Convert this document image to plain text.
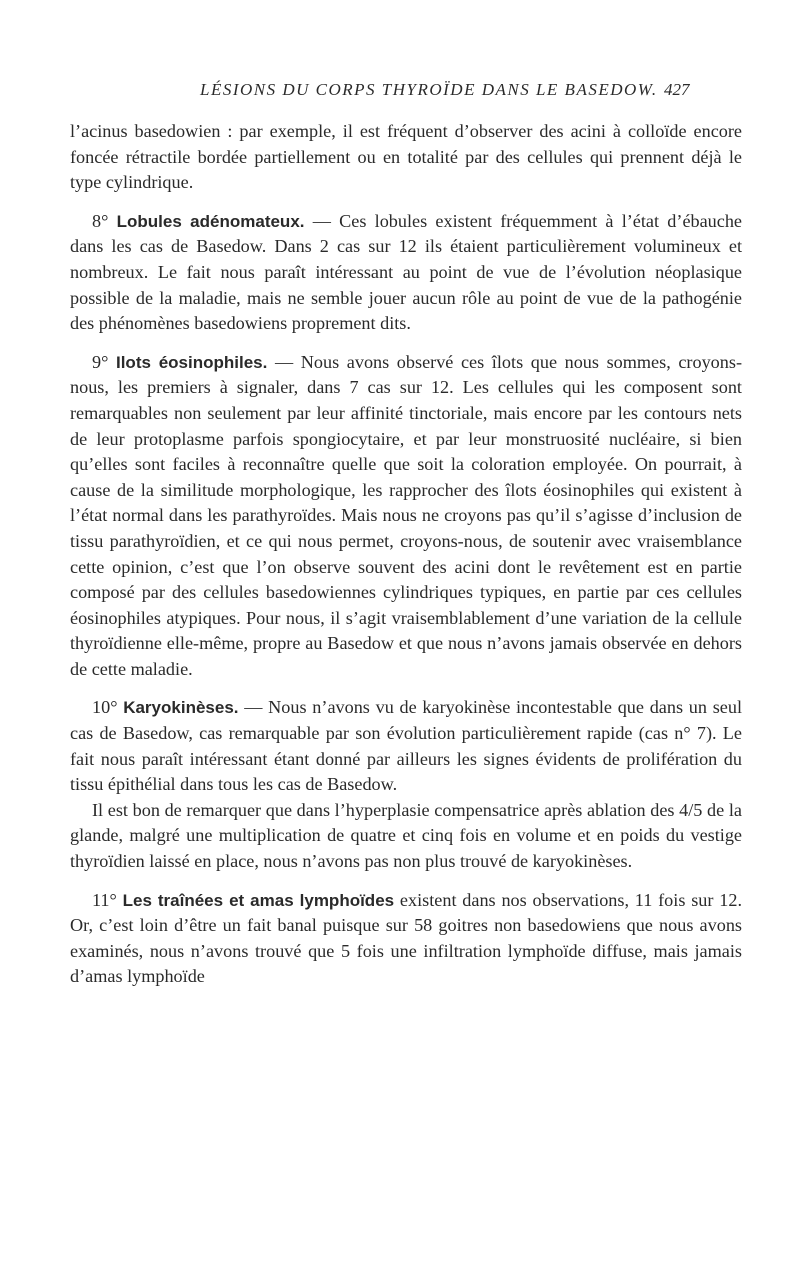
LÉSIONS DU CORPS THYROÏDE DANS LE BASEDOW. 427

l’acinus basedowien : par exemple, il est fréquent d’observer des acini à colloïde encore foncée rétractile bordée partiellement ou en totalité par des cellules qui prennent déjà le type cylindrique.

8° Lobules adénomateux. — Ces lobules existent fréquemment à l’état d’ébauche dans les cas de Basedow. Dans 2 cas sur 12 ils étaient particulièrement volumineux et nombreux. Le fait nous paraît intéressant au point de vue de l’évolution néoplasique possible de la maladie, mais ne semble jouer aucun rôle au point de vue de la pathogénie des phénomènes basedowiens proprement dits.

9° Ilots éosinophiles. — Nous avons observé ces îlots que nous sommes, croyons-nous, les premiers à signaler, dans 7 cas sur 12. Les cellules qui les composent sont remarquables non seulement par leur affinité tinctoriale, mais encore par les contours nets de leur protoplasme parfois spongiocytaire, et par leur monstruosité nucléaire, si bien qu’elles sont faciles à reconnaître quelle que soit la coloration employée. On pourrait, à cause de la similitude morphologique, les rapprocher des îlots éosinophiles qui existent à l’état normal dans les parathyroïdes. Mais nous ne croyons pas qu’il s’agisse d’inclusion de tissu parathyroïdien, et ce qui nous permet, croyons-nous, de soutenir avec vraisemblance cette opinion, c’est que l’on observe souvent des acini dont le revêtement est en partie composé par des cellules basedowiennes cylindriques typiques, en partie par ces cellules éosinophiles atypiques. Pour nous, il s’agit vraisemblablement d’une variation de la cellule thyroïdienne elle-même, propre au Basedow et que nous n’avons jamais observée en dehors de cette maladie.

10° Karyokinèses. — Nous n’avons vu de karyokinèse incontestable que dans un seul cas de Basedow, cas remarquable par son évolution particulièrement rapide (cas n° 7). Le fait nous paraît intéressant étant donné par ailleurs les signes évidents de prolifération du tissu épithélial dans tous les cas de Basedow.

Il est bon de remarquer que dans l’hyperplasie compensatrice après ablation des 4/5 de la glande, malgré une multiplication de quatre et cinq fois en volume et en poids du vestige thyroïdien laissé en place, nous n’avons pas non plus trouvé de karyokinèses.

11° Les traînées et amas lymphoïdes existent dans nos observations, 11 fois sur 12. Or, c’est loin d’être un fait banal puisque sur 58 goitres non basedowiens que nous avons examinés, nous n’avons trouvé que 5 fois une infiltration lymphoïde diffuse, mais jamais d’amas lymphoïde
